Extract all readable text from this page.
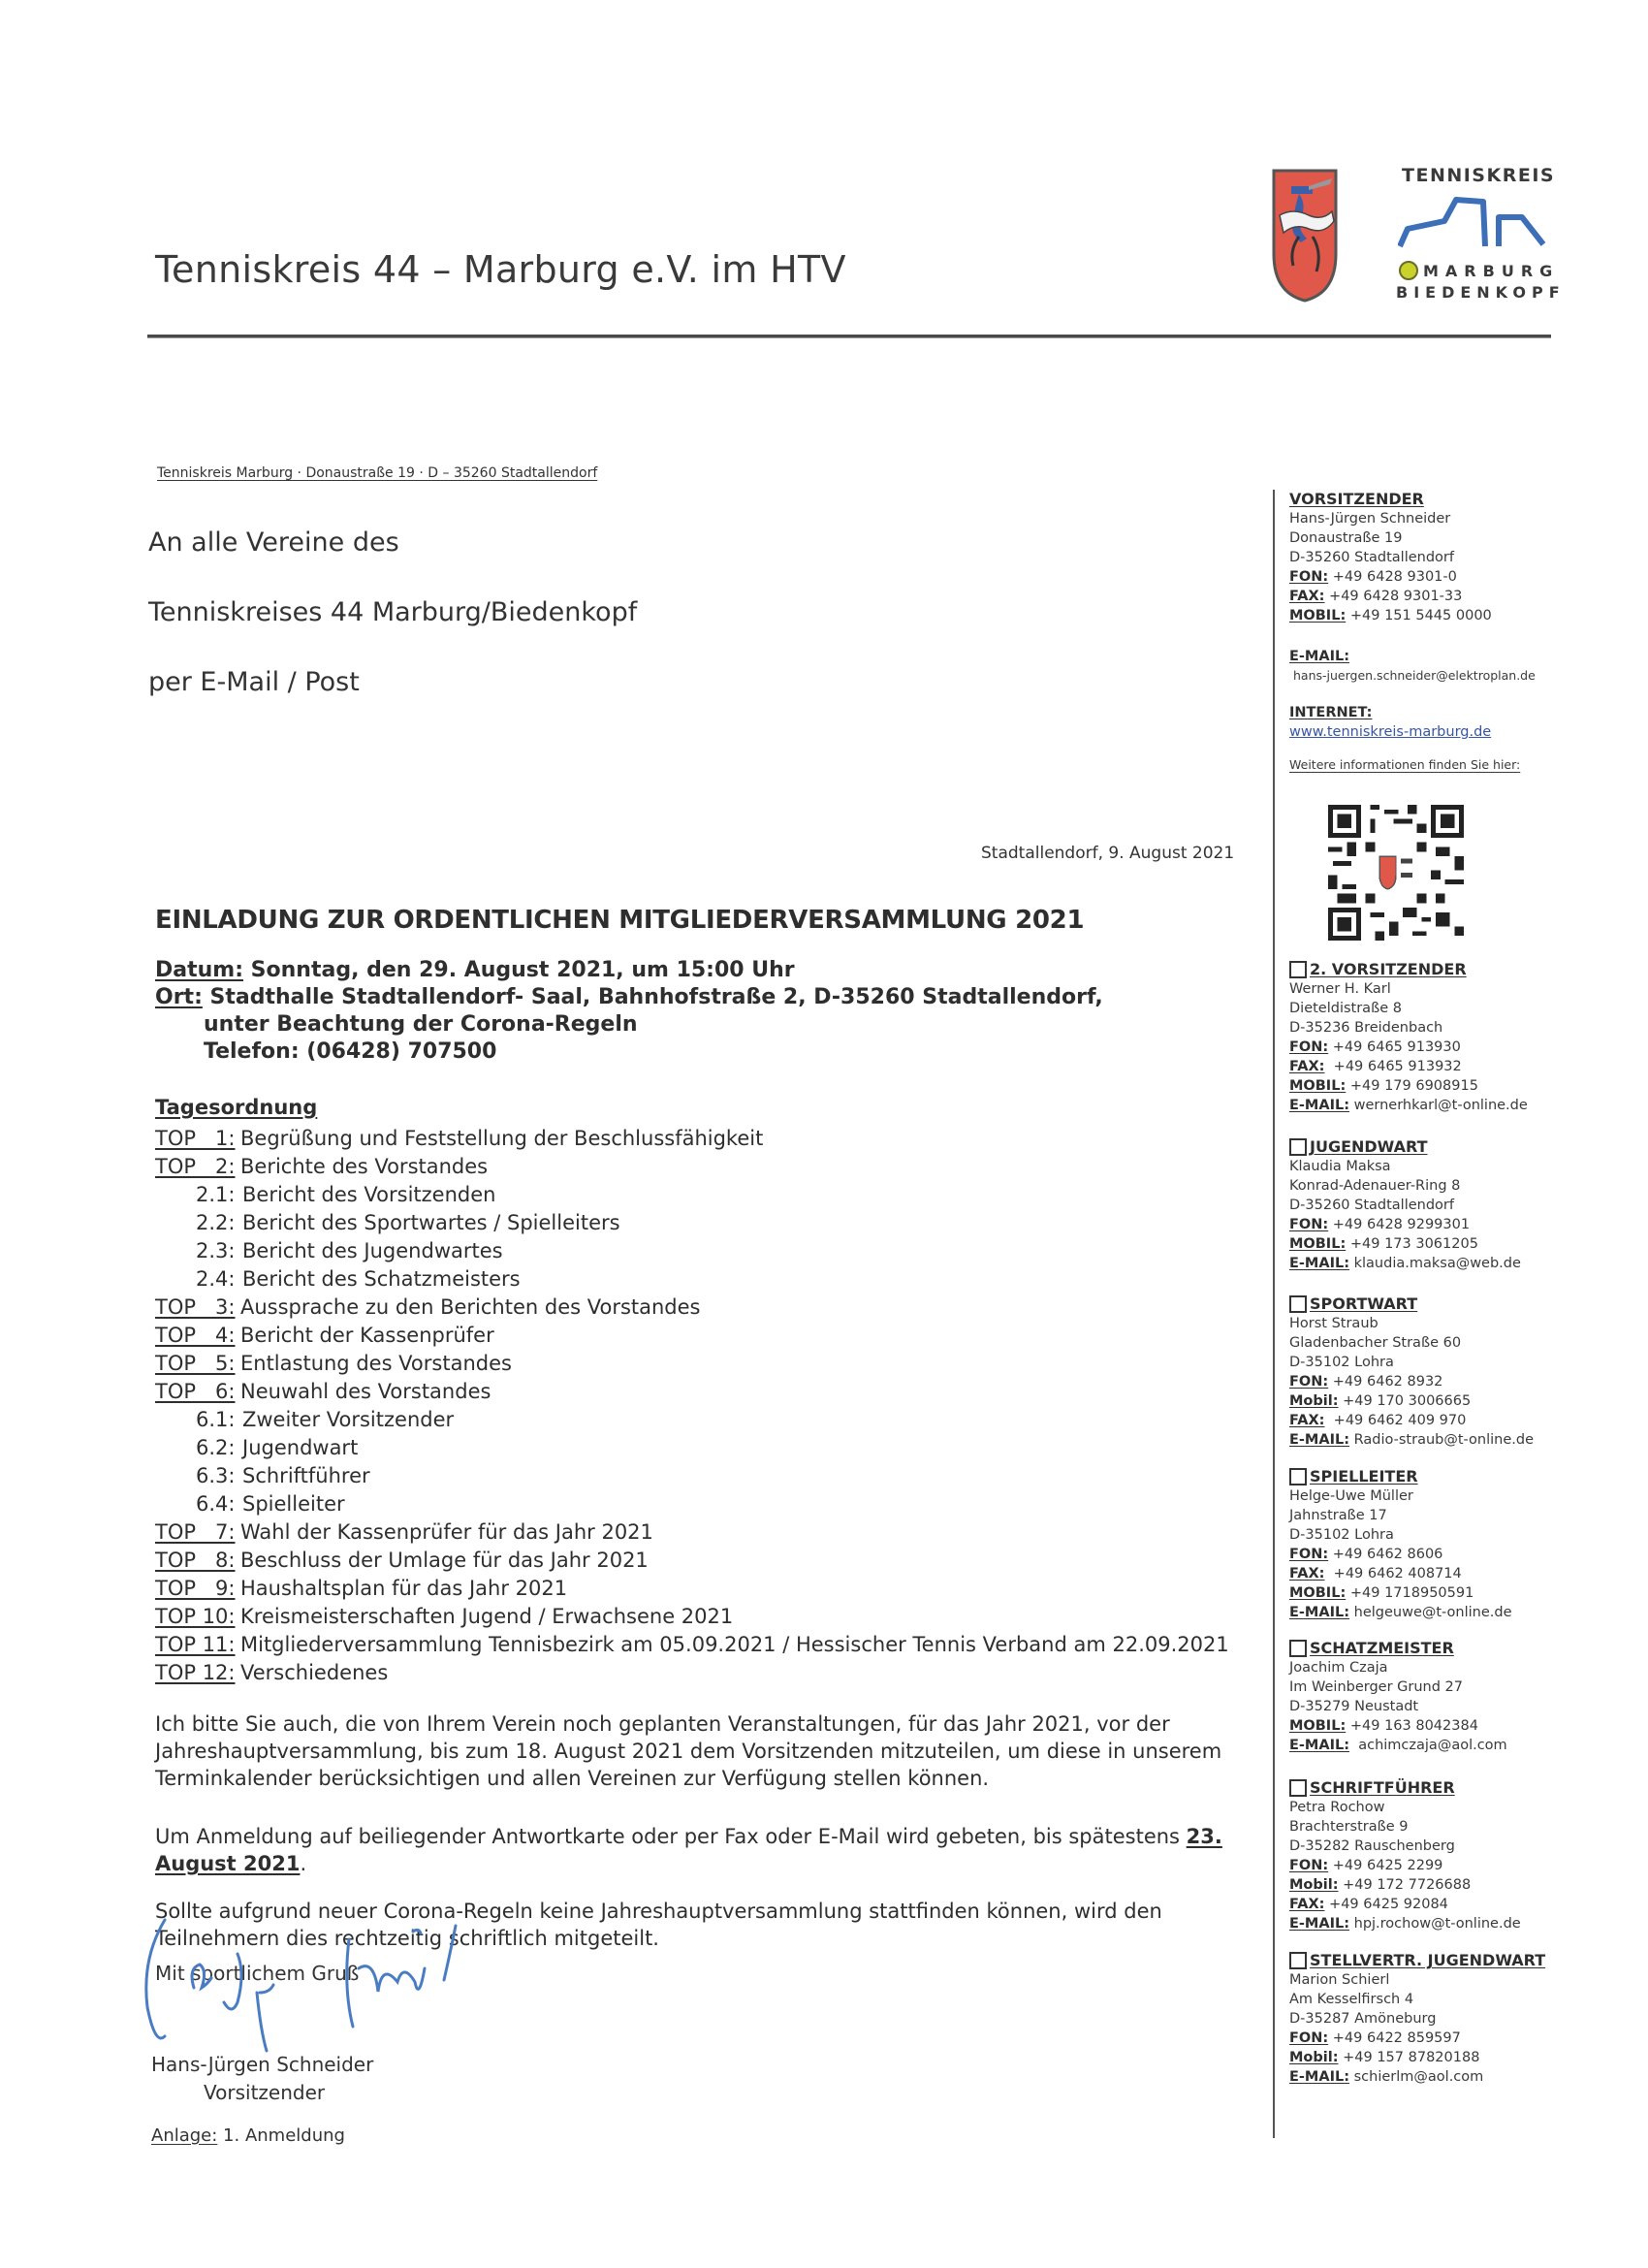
Tenniskreis 44 – Marburg e.V. im HTV
TENNISKREIS
MARBURG
BIEDENKOPF
Tenniskreis Marburg · Donaustraße 19 · D – 35260 Stadtallendorf
An alle Vereine des
Tenniskreises 44 Marburg/Biedenkopf
per E-Mail / Post
Stadtallendorf, 9. August 2021
EINLADUNG ZUR ORDENTLICHEN MITGLIEDERVERSAMMLUNG 2021
Datum: Sonntag, den 29. August 2021, um 15:00 Uhr
Ort: Stadthalle Stadtallendorf- Saal, Bahnhofstraße 2, D-35260 Stadtallendorf,
unter Beachtung der Corona-Regeln
Telefon: (06428) 707500
Tagesordnung
TOP   1: Begrüßung und Feststellung der Beschlussfähigkeit
TOP   2: Berichte des Vorstandes
2.1: Bericht des Vorsitzenden
2.2: Bericht des Sportwartes / Spielleiters
2.3: Bericht des Jugendwartes
2.4: Bericht des Schatzmeisters
TOP   3: Aussprache zu den Berichten des Vorstandes
TOP   4: Bericht der Kassenprüfer
TOP   5: Entlastung des Vorstandes
TOP   6: Neuwahl des Vorstandes
6.1: Zweiter Vorsitzender
6.2: Jugendwart
6.3: Schriftführer
6.4: Spielleiter
TOP   7: Wahl der Kassenprüfer für das Jahr 2021
TOP   8: Beschluss der Umlage für das Jahr 2021
TOP   9: Haushaltsplan für das Jahr 2021
TOP 10: Kreismeisterschaften Jugend / Erwachsene 2021
TOP 11: Mitgliederversammlung Tennisbezirk am 05.09.2021 / Hessischer Tennis Verband am 22.09.2021
TOP 12: Verschiedenes
Ich bitte Sie auch, die von Ihrem Verein noch geplanten Veranstaltungen, für das Jahr 2021, vor der Jahreshauptversammlung, bis zum 18. August 2021 dem Vorsitzenden mitzuteilen, um diese in unserem Terminkalender berücksichtigen und allen Vereinen zur Verfügung stellen können.
Um Anmeldung auf beiliegender Antwortkarte oder per Fax oder E-Mail wird gebeten, bis spätestens 23. August 2021.
Sollte aufgrund neuer Corona-Regeln keine Jahreshauptversammlung stattfinden können, wird den Teilnehmern dies rechtzeitig schriftlich mitgeteilt.
Mit sportlichem Gruß
Hans-Jürgen Schneider
Vorsitzender
Anlage: 1. Anmeldung
VORSITZENDER
Hans-Jürgen Schneider
Donaustraße 19
D-35260 Stadtallendorf
FON: +49 6428 9301-0
FAX: +49 6428 9301-33
MOBIL: +49 151 5445 0000
E-MAIL:
hans-juergen.schneider@elektroplan.de
INTERNET:
www.tenniskreis-marburg.de
Weitere informationen finden Sie hier:
2. VORSITZENDER
Werner H. Karl
Dieteldistraße 8
D-35236 Breidenbach
FON: +49 6465 913930
FAX:  +49 6465 913932
MOBIL: +49 179 6908915
E-MAIL: wernerhkarl@t-online.de
JUGENDWART
Klaudia Maksa
Konrad-Adenauer-Ring 8
D-35260 Stadtallendorf
FON: +49 6428 9299301
MOBIL: +49 173 3061205
E-MAIL: klaudia.maksa@web.de
SPORTWART
Horst Straub
Gladenbacher Straße 60
D-35102 Lohra
FON: +49 6462 8932
Mobil: +49 170 3006665
FAX:  +49 6462 409 970
E-MAIL: Radio-straub@t-online.de
SPIELLEITER
Helge-Uwe Müller
Jahnstraße 17
D-35102 Lohra
FON: +49 6462 8606
FAX:  +49 6462 408714
MOBIL: +49 1718950591
E-MAIL: helgeuwe@t-online.de
SCHATZMEISTER
Joachim Czaja
Im Weinberger Grund 27
D-35279 Neustadt
MOBIL: +49 163 8042384
E-MAIL:  achimczaja@aol.com
SCHRIFTFÜHRER
Petra Rochow
Brachterstraße 9
D-35282 Rauschenberg
FON: +49 6425 2299
Mobil: +49 172 7726688
FAX: +49 6425 92084
E-MAIL: hpj.rochow@t-online.de
STELLVERTR. JUGENDWART
Marion Schierl
Am Kesselfirsch 4
D-35287 Amöneburg
FON: +49 6422 859597
Mobil: +49 157 87820188
E-MAIL: schierlm@aol.com
